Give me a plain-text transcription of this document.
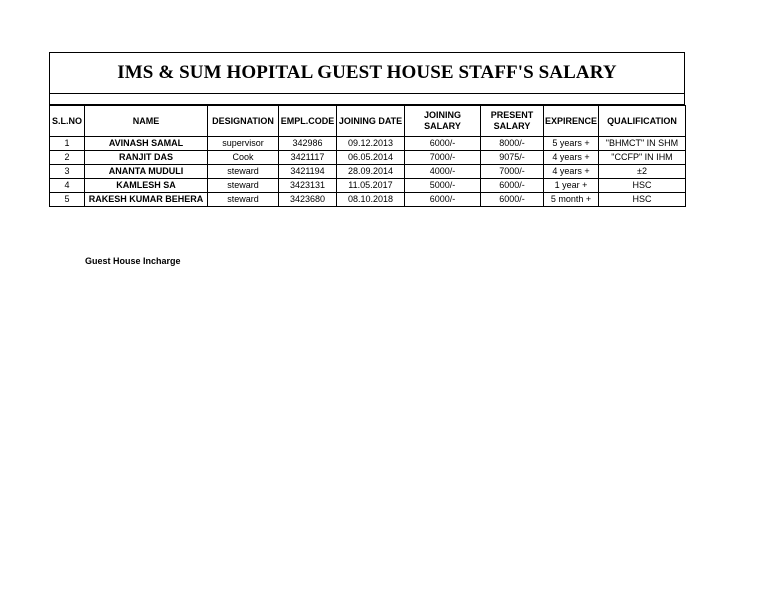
IMS & SUM HOPITAL GUEST HOUSE STAFF'S SALARY
S.L.NO	NAME	DESIGNATION	EMPL.CODE	JOINING DATE	JOINING SALARY	PRESENT SALARY	EXPIRENCE	QUALIFICATION
1	AVINASH SAMAL	supervisor	342986	09.12.2013	6000/-	8000/-	5 years +	"BHMCT" IN SHM
2	RANJIT DAS	Cook	3421117	06.05.2014	7000/-	9075/-	4 years +	"CCFP" IN IHM
3	ANANTA MUDULI	steward	3421194	28.09.2014	4000/-	7000/-	4 years +	±2
4	KAMLESH SA	steward	3423131	11.05.2017	5000/-	6000/-	1 year +	HSC
5	RAKESH KUMAR BEHERA	steward	3423680	08.10.2018	6000/-	6000/-	5 month +	HSC
Guest House Incharge
